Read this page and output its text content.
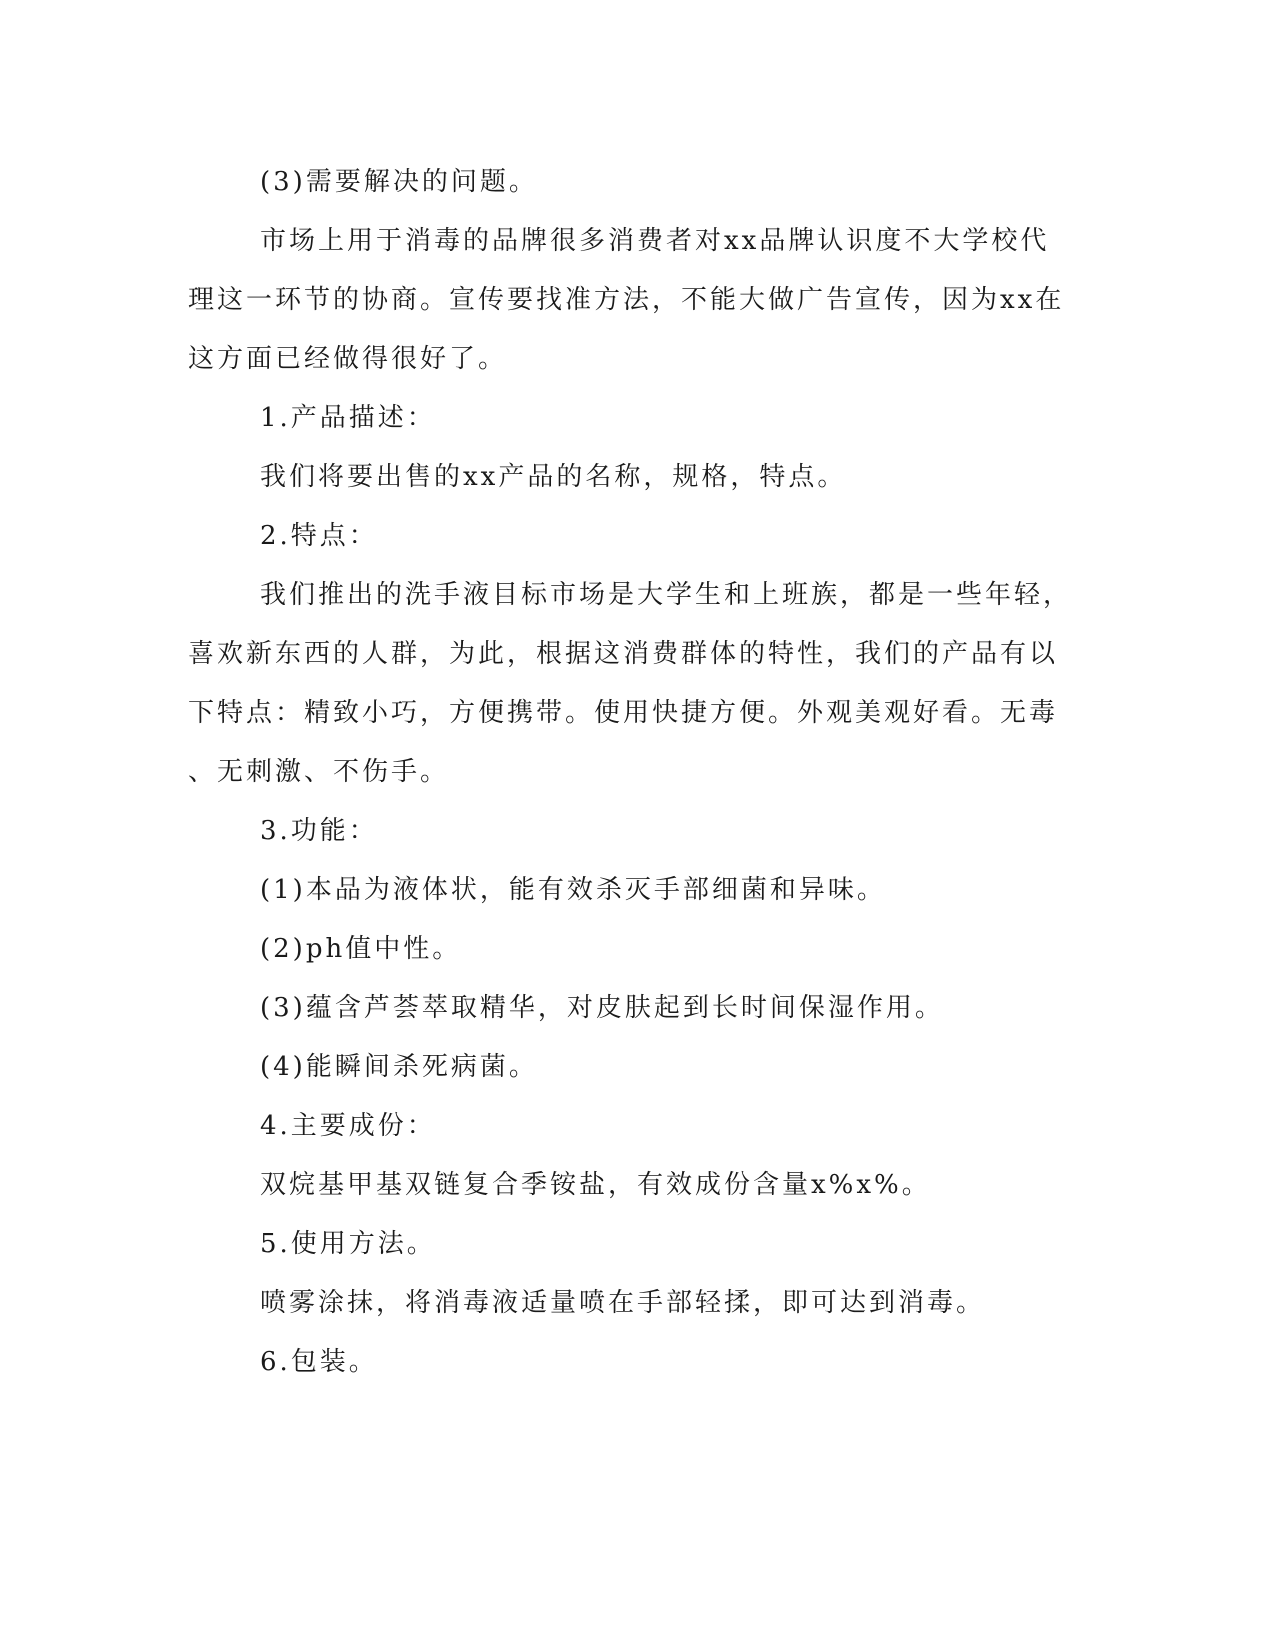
(3)需要解决的问题。
市场上用于消毒的品牌很多消费者对xx品牌认识度不大学校代
理这一环节的协商。宣传要找准方法，不能大做广告宣传，因为xx在
这方面已经做得很好了。
1.产品描述：
我们将要出售的xx产品的名称，规格，特点。
2.特点：
我们推出的洗手液目标市场是大学生和上班族，都是一些年轻，
喜欢新东西的人群，为此，根据这消费群体的特性，我们的产品有以
下特点：精致小巧，方便携带。使用快捷方便。外观美观好看。无毒
、无刺激、不伤手。
3.功能：
(1)本品为液体状，能有效杀灭手部细菌和异味。
(2)ph值中性。
(3)蕴含芦荟萃取精华，对皮肤起到长时间保湿作用。
(4)能瞬间杀死病菌。
4.主要成份：
双烷基甲基双链复合季铵盐，有效成份含量x%x%。
5.使用方法。
喷雾涂抹，将消毒液适量喷在手部轻揉，即可达到消毒。
6.包装。
